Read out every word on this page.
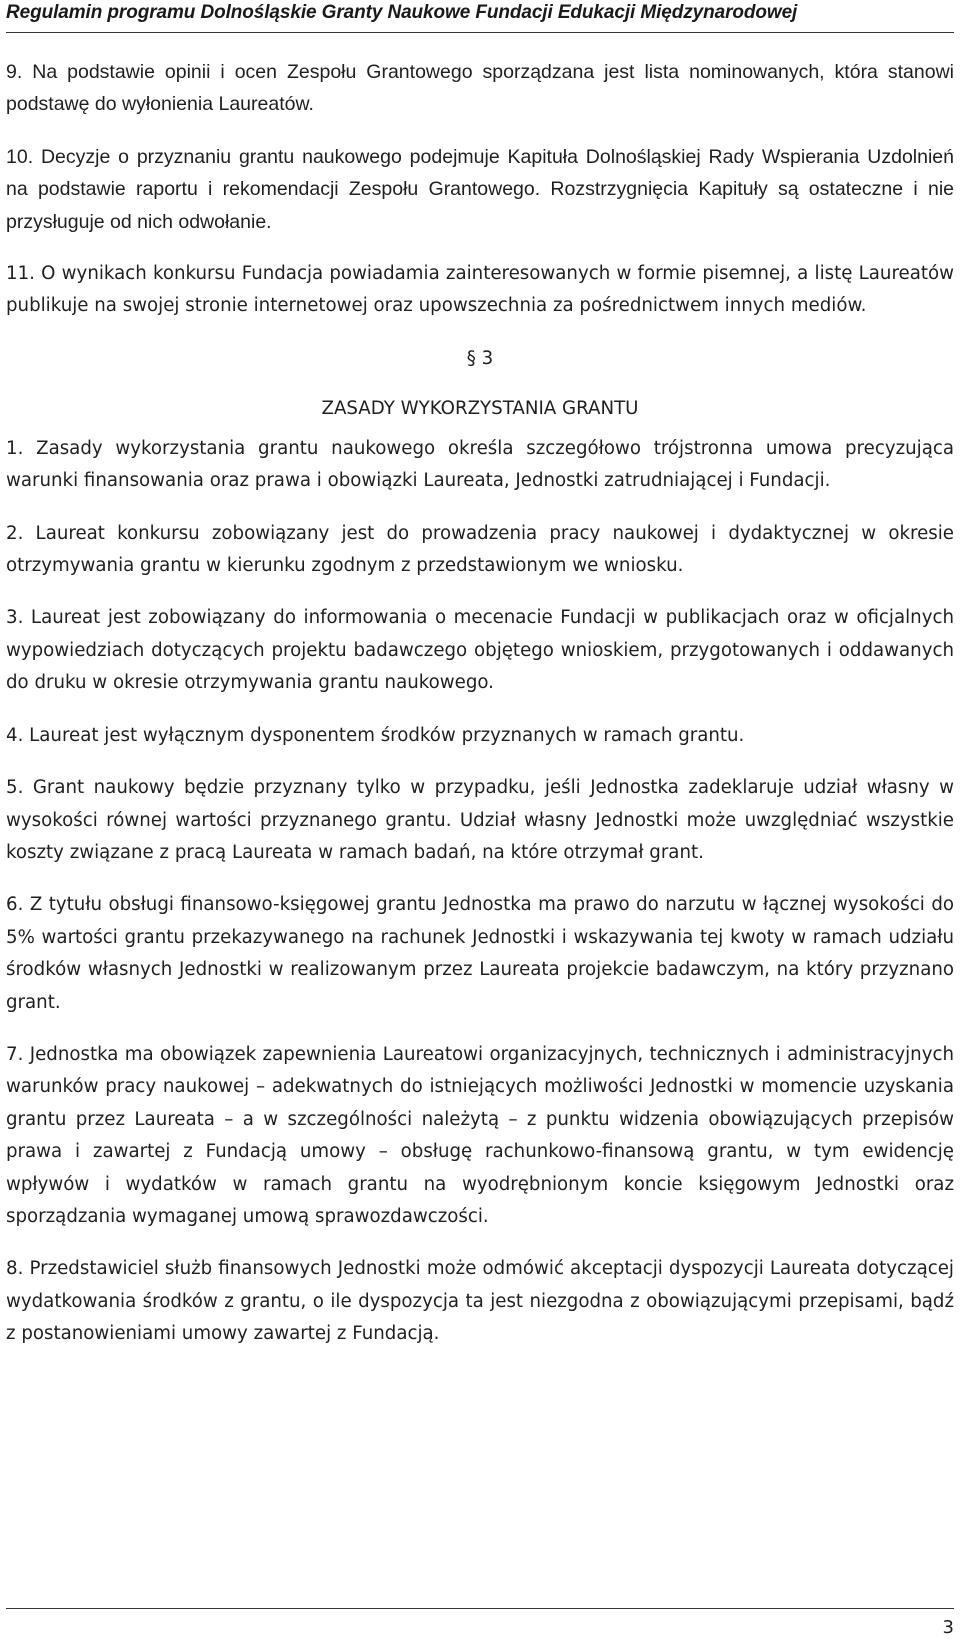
Regulamin programu Dolnośląskie Granty Naukowe Fundacji Edukacji Międzynarodowej

9. Na podstawie opinii i ocen Zespołu Grantowego sporządzana jest lista nominowanych, która stanowi podstawę do wyłonienia Laureatów.

10. Decyzje o przyznaniu grantu naukowego podejmuje Kapituła Dolnośląskiej Rady Wspierania Uzdolnień na podstawie raportu i rekomendacji Zespołu Grantowego. Rozstrzygnięcia Kapituły są ostateczne i nie przysługuje od nich odwołanie.

11. O wynikach konkursu Fundacja powiadamia zainteresowanych w formie pisemnej, a listę Laureatów publikuje na swojej stronie internetowej oraz upowszechnia za pośrednictwem innych mediów.

§ 3
ZASADY WYKORZYSTANIA GRANTU

1. Zasady wykorzystania grantu naukowego określa szczegółowo trójstronna umowa precyzująca warunki finansowania oraz prawa i obowiązki Laureata, Jednostki zatrudniającej i Fundacji.

2. Laureat konkursu zobowiązany jest do prowadzenia pracy naukowej i dydaktycznej w okresie otrzymywania grantu w kierunku zgodnym z przedstawionym we wniosku.

3. Laureat jest zobowiązany do informowania o mecenacie Fundacji w publikacjach oraz w oficjalnych wypowiedziach dotyczących projektu badawczego objętego wnioskiem, przygotowanych i oddawanych do druku w okresie otrzymywania grantu naukowego.

4. Laureat jest wyłącznym dysponentem środków przyznanych w ramach grantu.

5. Grant naukowy będzie przyznany tylko w przypadku, jeśli Jednostka zadeklaruje udział własny w wysokości równej wartości przyznanego grantu. Udział własny Jednostki może uwzględniać wszystkie koszty związane z pracą Laureata w ramach badań, na które otrzymał grant.

6. Z tytułu obsługi finansowo-księgowej grantu Jednostka ma prawo do narzutu w łącznej wysokości do 5% wartości grantu przekazywanego na rachunek Jednostki i wskazywania tej kwoty w ramach udziału środków własnych Jednostki w realizowanym przez Laureata projekcie badawczym, na który przyznano grant.

7. Jednostka ma obowiązek zapewnienia Laureatowi organizacyjnych, technicznych i administracyjnych warunków pracy naukowej – adekwatnych do istniejących możliwości Jednostki w momencie uzyskania grantu przez Laureata – a w szczególności należytą – z punktu widzenia obowiązujących przepisów prawa i zawartej z Fundacją umowy – obsługę rachunkowo-finansową grantu, w tym ewidencję wpływów i wydatków w ramach grantu na wyodrębnionym koncie księgowym Jednostki oraz sporządzania wymaganej umową sprawozdawczości.

8. Przedstawiciel służb finansowych Jednostki może odmówić akceptacji dyspozycji Laureata dotyczącej wydatkowania środków z grantu, o ile dyspozycja ta jest niezgodna z obowiązującymi przepisami, bądź z postanowieniami umowy zawartej z Fundacją.

3
